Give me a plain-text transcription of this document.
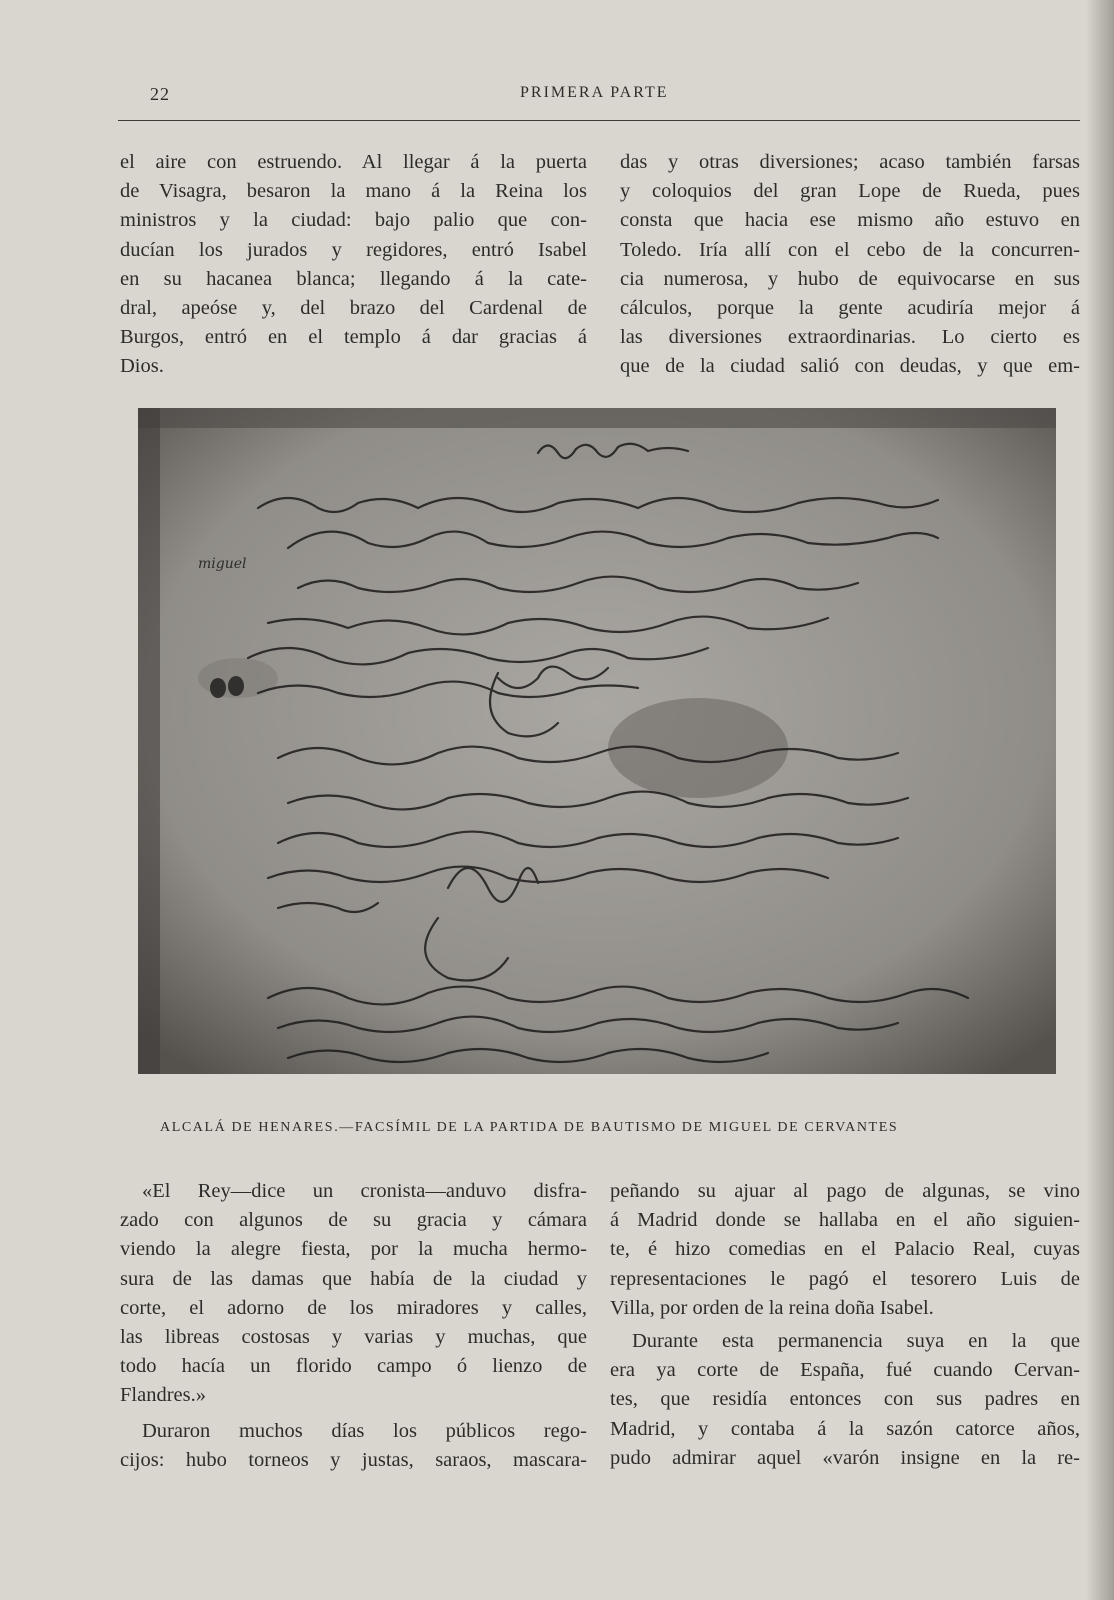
22	PRIMERA PARTE

el aire con estruendo. Al llegar á la puerta
de Visagra, besaron la mano á la Reina los
ministros y la ciudad: bajo palio que con-
ducían los jurados y regidores, entró Isabel
en su hacanea blanca; llegando á la cate-
dral, apeóse y, del brazo del Cardenal de
Burgos, entró en el templo á dar gracias á
Dios.

das y otras diversiones; acaso también farsas
y coloquios del gran Lope de Rueda, pues
consta que hacia ese mismo año estuvo en
Toledo. Iría allí con el cebo de la concurren-
cia numerosa, y hubo de equivocarse en sus
cálculos, porque la gente acudiría mejor á
las diversiones extraordinarias. Lo cierto es
que de la ciudad salió con deudas, y que em-

miguel
ALCALÁ DE HENARES.—FACSÍMIL DE LA PARTIDA DE BAUTISMO DE MIGUEL DE CERVANTES

«El Rey—dice un cronista—anduvo disfra-
zado con algunos de su gracia y cámara
viendo la alegre fiesta, por la mucha hermo-
sura de las damas que había de la ciudad y
corte, el adorno de los miradores y calles,
las libreas costosas y varias y muchas, que
todo hacía un florido campo ó lienzo de
Flandres.»

Duraron muchos días los públicos rego-
cijos: hubo torneos y justas, saraos, mascara-

peñando su ajuar al pago de algunas, se vino
á Madrid donde se hallaba en el año siguien-
te, é hizo comedias en el Palacio Real, cuyas
representaciones le pagó el tesorero Luis de
Villa, por orden de la reina doña Isabel.

Durante esta permanencia suya en la que
era ya corte de España, fué cuando Cervan-
tes, que residía entonces con sus padres en
Madrid, y contaba á la sazón catorce años,
pudo admirar aquel «varón insigne en la re-
